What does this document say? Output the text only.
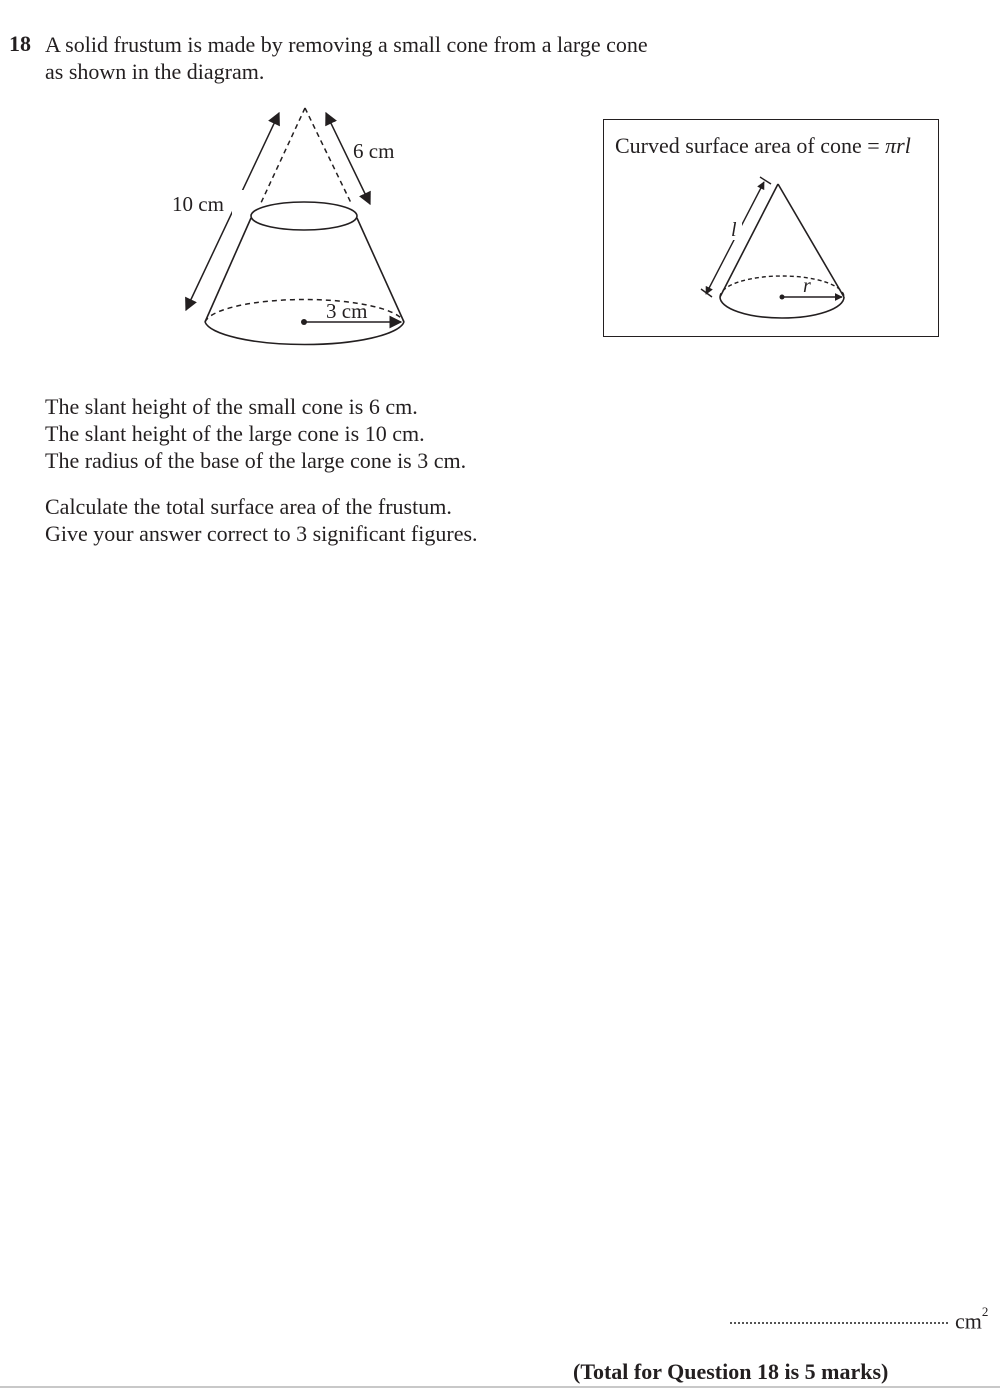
18 A solid frustum is made by removing a small cone from a large cone
as shown in the diagram.
10 cm
6 cm
3 cm
Curved surface area of cone = πrl
l
r
The slant height of the small cone is 6 cm.
The slant height of the large cone is 10 cm.
The radius of the base of the large cone is 3 cm.
Calculate the total surface area of the frustum.
Give your answer correct to 3 significant figures.
$cm^2$
(Total for Question 18 is 5 marks)
